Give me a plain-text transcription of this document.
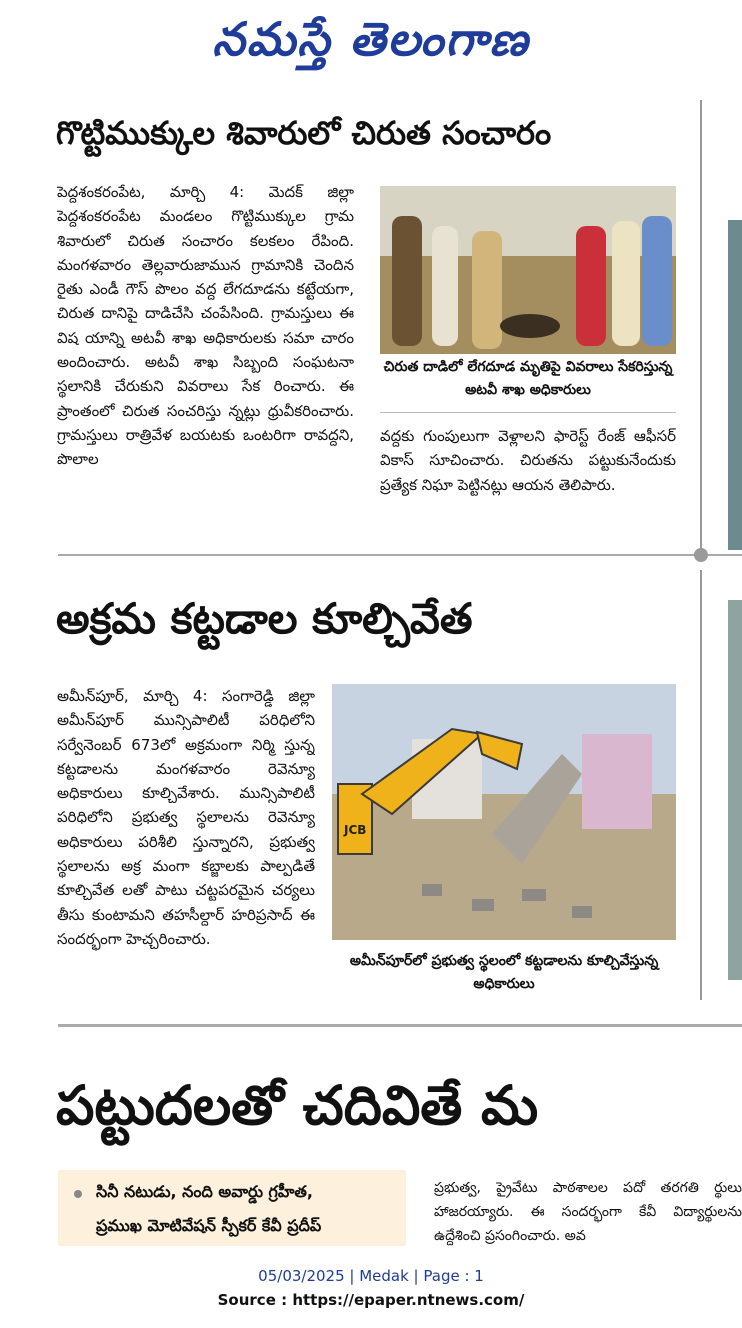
నమస్తే తెలంగాణ
గొట్టిముక్కుల శివారులో చిరుత సంచారం

పెద్దశంకరంపేట, మార్చి 4: మెదక్ జిల్లా పెద్దశంకరంపేట మండలం గొట్టిముక్కుల గ్రామ శివారులో చిరుత సంచారం కలకలం రేపింది. మంగళవారం తెల్లవారుజామున గ్రామానికి చెందిన రైతు ఎండీ గౌస్ పొలం వద్ద లేగదూడను కట్టేయగా, చిరుత దానిపై దాడిచేసి చంపేసింది. గ్రామస్తులు ఈ విష యాన్ని అటవీ శాఖ అధికారులకు సమా చారం అందించారు. అటవీ శాఖ సిబ్బంది సంఘటనా స్థలానికి చేరుకుని వివరాలు సేక రించారు. ఈ ప్రాంతంలో చిరుత సంచరిస్తు న్నట్లు ధ్రువీకరించారు. గ్రామస్తులు రాత్రివేళ బయటకు ఒంటరిగా రావద్దని, పొలాల

చిరుత దాడిలో లేగదూడ మృతిపై వివరాలు సేకరిస్తున్న అటవీ శాఖ అధికారులు

వద్దకు గుంపులుగా వెళ్లాలని ఫారెస్ట్ రేంజ్ ఆఫీసర్ వికాస్ సూచించారు. చిరుతను పట్టుకునేందుకు ప్రత్యేక నిఘా పెట్టినట్లు ఆయన తెలిపారు.

అక్రమ కట్టడాల కూల్చివేత

అమీన్‌పూర్, మార్చి 4: సంగారెడ్డి జిల్లా అమీన్‌పూర్ మున్సిపాలిటీ పరిధిలోని సర్వేనెంబర్ 673లో అక్రమంగా నిర్మి స్తున్న కట్టడాలను మంగళవారం రెవెన్యూ అధికారులు కూల్చివేశారు. మున్సిపాలిటీ పరిధిలోని ప్రభుత్వ స్థలాలను రెవెన్యూ అధికారులు పరిశీలి స్తున్నారని, ప్రభుత్వ స్థలాలను అక్ర మంగా కబ్జాలకు పాల్పడితే కూల్చివేత లతో పాటు చట్టపరమైన చర్యలు తీసు కుంటామని తహసీల్దార్ హరిప్రసాద్ ఈ సందర్భంగా హెచ్చరించారు.

JCB
అమీన్‌పూర్‌లో ప్రభుత్వ స్థలంలో కట్టడాలను కూల్చివేస్తున్న అధికారులు
పట్టుదలతో చదివితే మ
సినీ నటుడు, నంది అవార్డు గ్రహీత,
ప్రముఖ మోటివేషన్ స్పీకర్ కేవీ ప్రదీప్

ప్రభుత్వ, ప్రైవేటు పాఠశాలల పదో తరగతి ర్థులు హాజరయ్యారు. ఈ సందర్భంగా కేవీ విద్యార్థులను ఉద్దేశించి ప్రసంగించారు. అవ

05/03/2025 | Medak | Page : 1
Source : https://epaper.ntnews.com/
